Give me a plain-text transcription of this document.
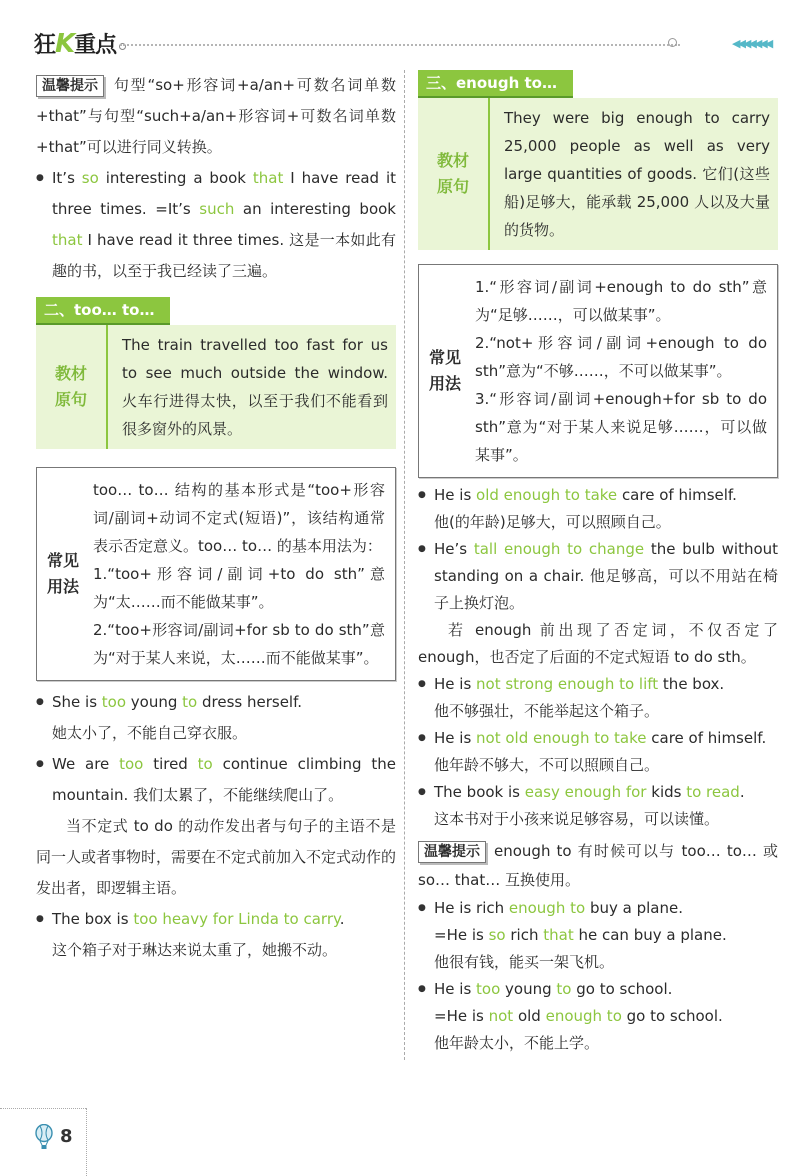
狂K重点	◀◀◀◀◀◀◀

温馨提示 句型“so+形容词+a/an+可数名词单数+that”与句型“such+a/an+形容词+可数名词单数+that”可以进行同义转换。

● It’s so interesting a book that I have read it three times. =It’s such an interesting book that I have read it three times. 这是一本如此有趣的书，以至于我已经读了三遍。
二、too… to…
教材
原句
The train travelled too fast for us to see much outside the window. 火车行进得太快，以至于我们不能看到很多窗外的风景。
常见
用法
too… to… 结构的基本形式是“too+形容词/副词+动词不定式(短语)”，该结构通常表示否定意义。too… to… 的基本用法为：
1.“too+形容词/副词+to do sth”意为“太……而不能做某事”。
2.“too+形容词/副词+for sb to do sth”意为“对于某人来说，太……而不能做某事”。
● She is too young to dress herself.
她太小了，不能自己穿衣服。
● We are too tired to continue climbing the mountain. 我们太累了，不能继续爬山了。
当不定式 to do 的动作发出者与句子的主语不是同一人或者事物时，需要在不定式前加入不定式动作的发出者，即逻辑主语。
● The box is too heavy for Linda to carry.
这个箱子对于琳达来说太重了，她搬不动。
三、enough to…
教材
原句
They were big enough to carry 25,000 people as well as very large quantities of goods. 它们(这些船)足够大，能承载 25,000 人以及大量的货物。
常见
用法
1.“形容词/副词+enough to do sth”意为“足够……，可以做某事”。
2.“not+形容词/副词+enough to do sth”意为“不够……，不可以做某事”。
3.“形容词/副词+enough+for sb to do sth”意为“对于某人来说足够……，可以做某事”。
● He is old enough to take care of himself.
他(的年龄)足够大，可以照顾自己。
● He’s tall enough to change the bulb without standing on a chair. 他足够高，可以不用站在椅子上换灯泡。
若 enough 前出现了否定词，不仅否定了enough，也否定了后面的不定式短语 to do sth。
● He is not strong enough to lift the box.
他不够强壮，不能举起这个箱子。
● He is not old enough to take care of himself.
他年龄不够大，不可以照顾自己。
● The book is easy enough for kids to read.
这本书对于小孩来说足够容易，可以读懂。

温馨提示 enough to 有时候可以与 too… to… 或 so… that… 互换使用。

● He is rich enough to buy a plane.
=He is so rich that he can buy a plane.
他很有钱，能买一架飞机。
● He is too young to go to school.
=He is not old enough to go to school.
他年龄太小，不能上学。
8
